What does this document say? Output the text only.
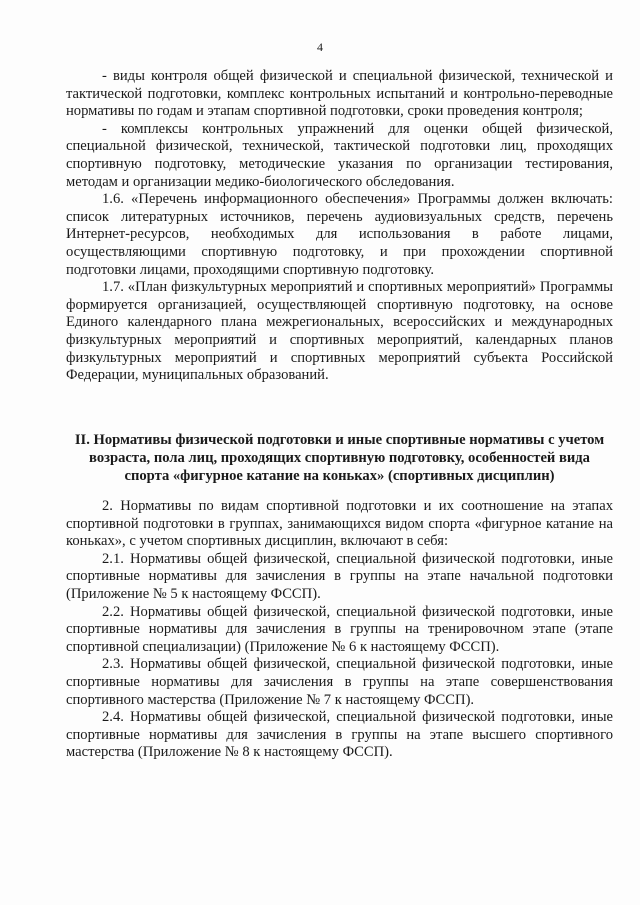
4

- виды контроля общей физической и специальной физической, технической и тактической подготовки, комплекс контрольных испытаний и контрольно-переводные нормативы по годам и этапам спортивной подготовки, сроки проведения контроля;

- комплексы контрольных упражнений для оценки общей физической, специальной физической, технической, тактической подготовки лиц, проходящих спортивную подготовку, методические указания по организации тестирования, методам и организации медико-биологического обследования.

1.6. «Перечень информационного обеспечения» Программы должен включать: список литературных источников, перечень аудиовизуальных средств, перечень Интернет-ресурсов, необходимых для использования в работе лицами, осуществляющими спортивную подготовку, и при прохождении спортивной подготовки лицами, проходящими спортивную подготовку.

1.7. «План физкультурных мероприятий и спортивных мероприятий» Программы формируется организацией, осуществляющей спортивную подготовку, на основе Единого календарного плана межрегиональных, всероссийских и международных физкультурных мероприятий и спортивных мероприятий, календарных планов физкультурных мероприятий и спортивных мероприятий субъекта Российской Федерации, муниципальных образований.

II. Нормативы физической подготовки и иные спортивные нормативы с учетом возраста, пола лиц, проходящих спортивную подготовку, особенностей вида спорта «фигурное катание на коньках» (спортивных дисциплин)

2. Нормативы по видам спортивной подготовки и их соотношение на этапах спортивной подготовки в группах, занимающихся видом спорта «фигурное катание на коньках», с учетом спортивных дисциплин, включают в себя:

2.1. Нормативы общей физической, специальной физической подготовки, иные спортивные нормативы для зачисления в группы на этапе начальной подготовки (Приложение № 5 к настоящему ФССП).

2.2. Нормативы общей физической, специальной физической подготовки, иные спортивные нормативы для зачисления в группы на тренировочном этапе (этапе спортивной специализации) (Приложение № 6 к настоящему ФССП).

2.3. Нормативы общей физической, специальной физической подготовки, иные спортивные нормативы для зачисления в группы на этапе совершенствования спортивного мастерства (Приложение № 7 к настоящему ФССП).

2.4. Нормативы общей физической, специальной физической подготовки, иные спортивные нормативы для зачисления в группы на этапе высшего спортивного мастерства (Приложение № 8 к настоящему ФССП).
